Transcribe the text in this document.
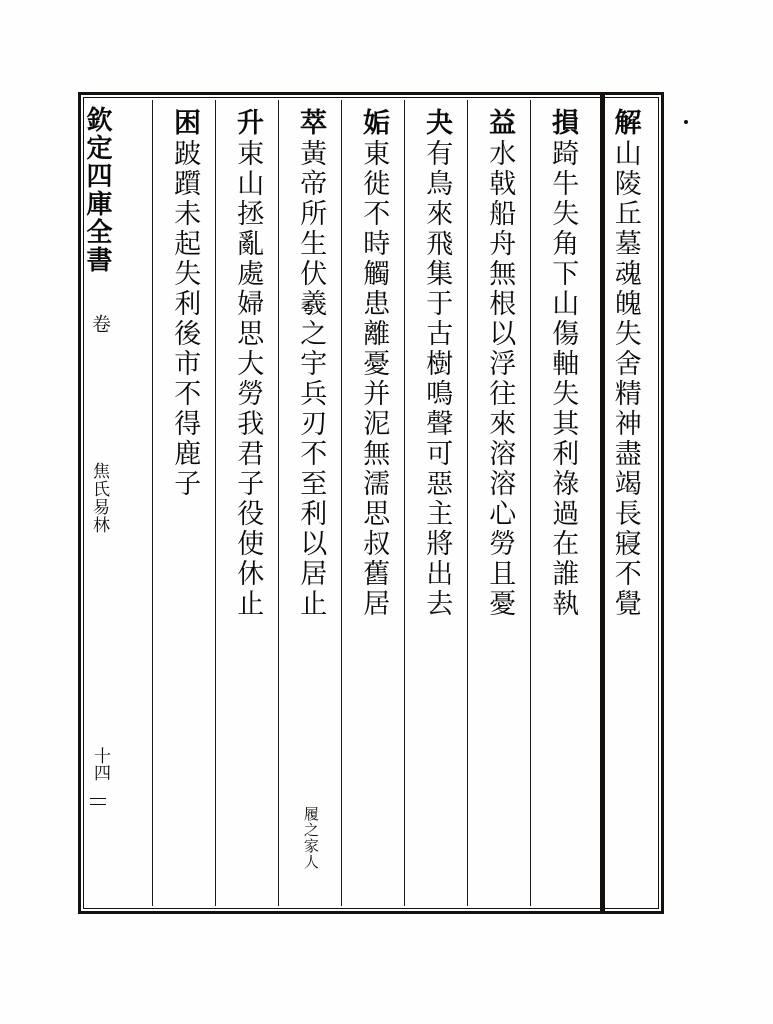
欽定四庫全書
卷
焦氏易林
十四
解
山陵丘墓魂魄失舍精神盡竭長寢不覺
損
踦牛失角下山傷軸失其利祿過在誰執
益
水戟船舟無根以浮往來溶溶心勞且憂
夬
有鳥來飛集于古樹鳴聲可惡主將出去
姤
東徙不時觸患離憂并泥無濡思叔舊居
萃
黃帝所生伏羲之宇兵刃不至利以居止
履之家人
升
束山拯亂處婦思大勞我君子役使休止
困
跛躓未起失利後市不得鹿子
